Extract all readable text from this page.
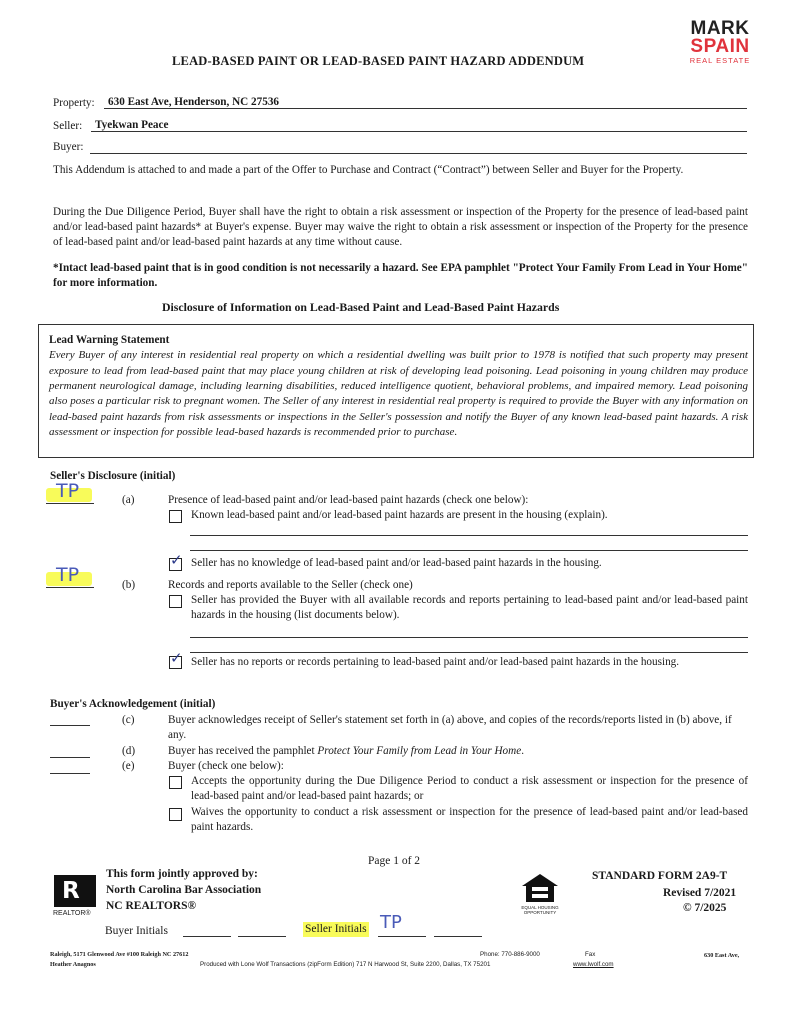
MARK
SPAIN
REAL ESTATE
LEAD-BASED PAINT OR LEAD-BASED PAINT HAZARD ADDENDUM
Property: 630 East Ave, Henderson, NC 27536
Seller: Tyekwan Peace
Buyer:
This Addendum is attached to and made a part of the Offer to Purchase and Contract (“Contract”) between Seller and Buyer for the Property.
During the Due Diligence Period, Buyer shall have the right to obtain a risk assessment or inspection of the Property for the presence of lead-based paint and/or lead-based paint hazards* at Buyer's expense. Buyer may waive the right to obtain a risk assessment or inspection of the Property for the presence of lead-based paint and/or lead-based paint hazards at any time without cause.
*Intact lead-based paint that is in good condition is not necessarily a hazard. See EPA pamphlet "Protect Your Family From Lead in Your Home" for more information.
Disclosure of Information on Lead-Based Paint and Lead-Based Paint Hazards
Lead Warning Statement
Every Buyer of any interest in residential real property on which a residential dwelling was built prior to 1978 is notified that such property may present exposure to lead from lead-based paint that may place young children at risk of developing lead poisoning. Lead poisoning in young children may produce permanent neurological damage, including learning disabilities, reduced intelligence quotient, behavioral problems, and impaired memory. Lead poisoning also poses a particular risk to pregnant women. The Seller of any interest in residential real property is required to provide the Buyer with any information on lead-based paint hazards from risk assessments or inspections in the Seller's possession and notify the Buyer of any known lead-based paint hazards. A risk assessment or inspection for possible lead-based hazards is recommended prior to purchase.
Seller's Disclosure (initial)
TP	(a)	Presence of lead-based paint and/or lead-based paint hazards (check one below):
Known lead-based paint and/or lead-based paint hazards are present in the housing (explain).
✓ Seller has no knowledge of lead-based paint and/or lead-based paint hazards in the housing.
TP	(b)	Records and reports available to the Seller (check one)
Seller has provided the Buyer with all available records and reports pertaining to lead-based paint and/or lead-based paint hazards in the housing (list documents below).
✓ Seller has no reports or records pertaining to lead-based paint and/or lead-based paint hazards in the housing.
Buyer's Acknowledgement (initial)
(c)	Buyer acknowledges receipt of Seller's statement set forth in (a) above, and copies of the records/reports listed in (b) above, if any.
(d)	Buyer has received the pamphlet Protect Your Family from Lead in Your Home.
(e)	Buyer (check one below):
Accepts the opportunity during the Due Diligence Period to conduct a risk assessment or inspection for the presence of lead-based paint and/or lead-based paint hazards; or
Waives the opportunity to conduct a risk assessment or inspection for the presence of lead-based paint and/or lead-based paint hazards.
Page 1 of 2
R
REALTOR®
This form jointly approved by:
North Carolina Bar Association
NC REALTORS®	EQUAL HOUSING OPPORTUNITY
STANDARD FORM 2A9-T
Revised 7/2021
© 7/2025
Buyer Initials	Seller Initials TP
Raleigh, 5171 Glenwood Ave #100 Raleigh NC 27612
Heather Anagnos
Phone: 770-886-9000	Fax	630 East Ave,
Produced with Lone Wolf Transactions (zipForm Edition) 717 N Harwood St, Suite 2200, Dallas, TX 75201	www.lwolf.com
